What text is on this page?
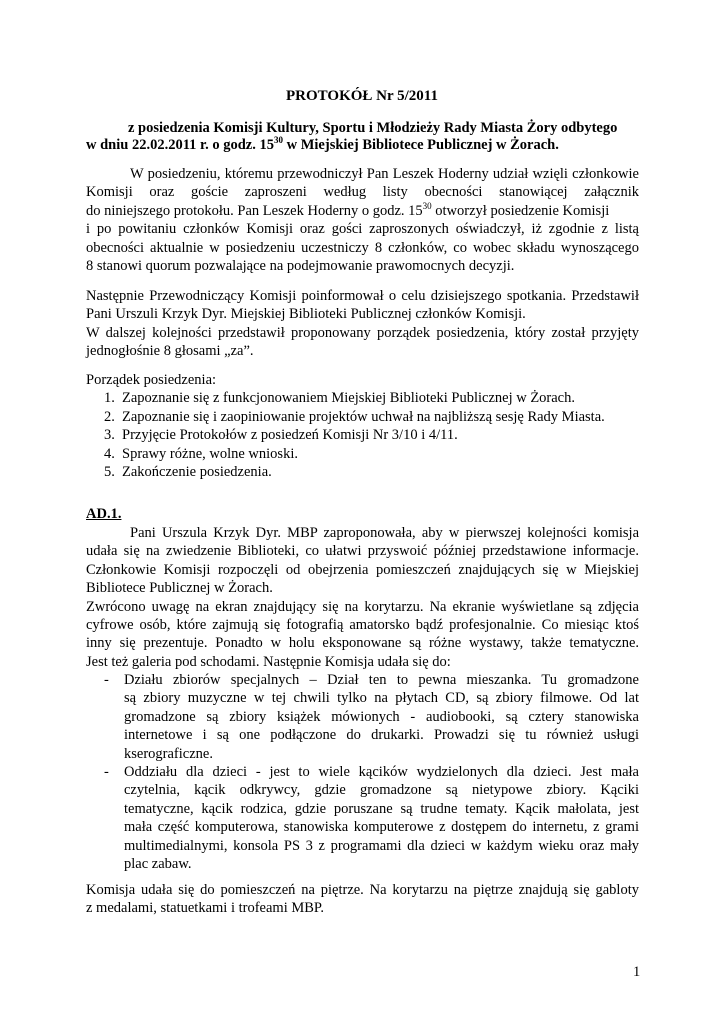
PROTOKÓŁ Nr 5/2011
z posiedzenia Komisji Kultury, Sportu i Młodzieży Rady Miasta Żory odbytego
w dniu 22.02.2011 r. o godz. $15^{30}$ w Miejskiej Bibliotece Publicznej w Żorach.
W posiedzeniu, któremu przewodniczył Pan Leszek Hoderny udział wzięli członkowie
Komisji oraz goście zaproszeni według listy obecności stanowiącej załącznik
do niniejszego protokołu. Pan Leszek Hoderny o godz. $15^{30}$ otworzył posiedzenie Komisji
i po powitaniu członków Komisji oraz gości zaproszonych oświadczył, iż zgodnie z listą
obecności aktualnie w posiedzeniu uczestniczy 8 członków, co wobec składu wynoszącego
8 stanowi quorum pozwalające na podejmowanie prawomocnych decyzji.
Następnie Przewodniczący Komisji poinformował o celu dzisiejszego spotkania. Przedstawił
Pani Urszuli Krzyk Dyr. Miejskiej Biblioteki Publicznej członków Komisji.
W dalszej kolejności przedstawił proponowany porządek posiedzenia, który został przyjęty
jednogłośnie 8 głosami „za”.
Porządek posiedzenia:
1. Zapoznanie się z funkcjonowaniem Miejskiej Biblioteki Publicznej w Żorach.
2. Zapoznanie się i zaopiniowanie projektów uchwał na najbliższą sesję Rady Miasta.
3. Przyjęcie Protokołów z posiedzeń Komisji Nr 3/10 i 4/11.
4. Sprawy różne, wolne wnioski.
5. Zakończenie posiedzenia.
AD.1.
Pani Urszula Krzyk Dyr. MBP zaproponowała, aby w pierwszej kolejności komisja
udała się na zwiedzenie Biblioteki, co ułatwi przyswoić później przedstawione informacje.
Członkowie Komisji rozpoczęli od obejrzenia pomieszczeń znajdujących się w Miejskiej
Bibliotece Publicznej w Żorach.
Zwrócono uwagę na ekran znajdujący się na korytarzu. Na ekranie wyświetlane są zdjęcia
cyfrowe osób, które zajmują się fotografią amatorsko bądź profesjonalnie. Co miesiąc ktoś
inny się prezentuje. Ponadto w holu eksponowane są różne wystawy, także tematyczne.
Jest też galeria pod schodami. Następnie Komisja udała się do:
- Działu zbiorów specjalnych – Dział ten to pewna mieszanka. Tu gromadzone
są zbiory muzyczne w tej chwili tylko na płytach CD, są zbiory filmowe. Od lat
gromadzone są zbiory książek mówionych - audiobooki, są cztery stanowiska
internetowe i są one podłączone do drukarki. Prowadzi się tu również usługi
kserograficzne.
- Oddziału dla dzieci - jest to wiele kącików wydzielonych dla dzieci. Jest mała
czytelnia, kącik odkrywcy, gdzie gromadzone są nietypowe zbiory. Kąciki
tematyczne, kącik rodzica, gdzie poruszane są trudne tematy. Kącik małolata, jest
mała część komputerowa, stanowiska komputerowe z dostępem do internetu, z grami
multimedialnymi, konsola PS 3 z programami dla dzieci w każdym wieku oraz mały
plac zabaw.
Komisja udała się do pomieszczeń na piętrze. Na korytarzu na piętrze znajdują się gabloty
z medalami, statuetkami i trofeami MBP.
1
